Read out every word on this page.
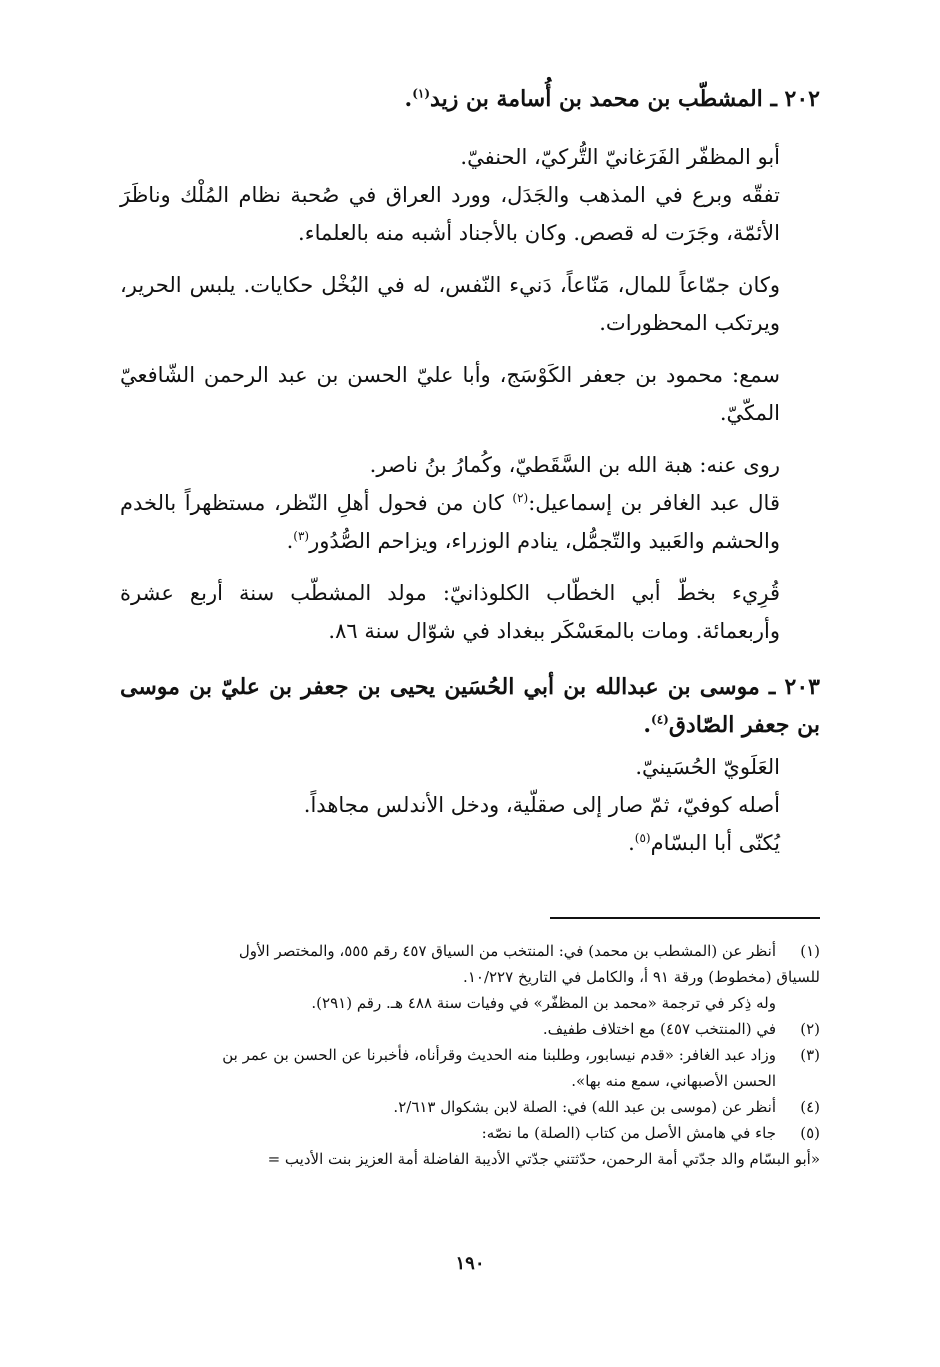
٢٠٢ ـ المشطّب بن محمد بن أُسامة بن زيد$^{(١)}$.

أبو المظفّر الفَرَغانيّ التُّركيّ، الحنفيّ.

تفقّه وبرع في المذهب والجَدَل، وورد العراق في صُحبة نظام المُلْك وناظَرَ الأئمّة، وجَرَت له قصص. وكان بالأجناد أشبه منه بالعلماء.

وكان جمّاعاً للمال، مَنّاعاً، دَنيء النّفس، له في البُخْل حكايات. يلبس الحرير، ويرتكب المحظورات.

سمع: محمود بن جعفر الكَوْسَج، وأبا عليّ الحسن بن عبد الرحمن الشّافعيّ المكّيّ.

روى عنه: هبة الله بن السَّقَطيّ، وكُمارُ بنُ ناصر.

قال عبد الغافر بن إسماعيل:$^{(٢)}$ كان من فحول أهلِ النّظر، مستظهراً بالخدم والحشم والعَبيد والتّجمُّل، ينادم الوزراء، ويزاحم الصُّدُور$^{(٣)}$.

قُرِيء بخطّ أبي الخطّاب الكلوذانيّ: مولد المشطّب سنة أربع عشرة وأربعمائة. ومات بالمعَسْكَر ببغداد في شوّال سنة ٨٦.

٢٠٣ ـ موسى بن عبدالله بن أبي الحُسَين يحيى بن جعفر بن عليّ بن موسى بن جعفر الصّادق$^{(٤)}$.

العَلَويّ الحُسَينيّ.

أصله كوفيّ، ثمّ صار إلى صقلّية، ودخل الأندلس مجاهداً.

يُكنّى أبا البسّام$^{(٥)}$.

(١)
أنظر عن (المشطب بن محمد) في: المنتخب من السياق ٤٥٧ رقم ٥٥٥، والمختصر الأول
للسياق (مخطوط) ورقة ٩١ أ، والكامل في التاريخ ١٠/٢٢٧.
وله ذِكر في ترجمة «محمد بن المظفّر» في وفيات سنة ٤٨٨ هـ. رقم (٢٩١).
(٢)
في (المنتخب ٤٥٧) مع اختلاف طفيف.
(٣)
وزاد عبد الغافر: «قدم نيسابور، وطلبنا منه الحديث وقرأناه، فأخبرنا عن الحسن بن عمر بن
الحسن الأصبهاني، سمع منه بها».
(٤)
أنظر عن (موسى بن عبد الله) في: الصلة لابن بشكوال ٢/٦١٣.
(٥)
جاء في هامش الأصل من كتاب (الصلة) ما نصّه:
«أبو البسّام والد جدّتي أمة الرحمن، حدّثتني جدّتي الأديبة الفاضلة أمة العزيز بنت الأديب =
١٩٠
